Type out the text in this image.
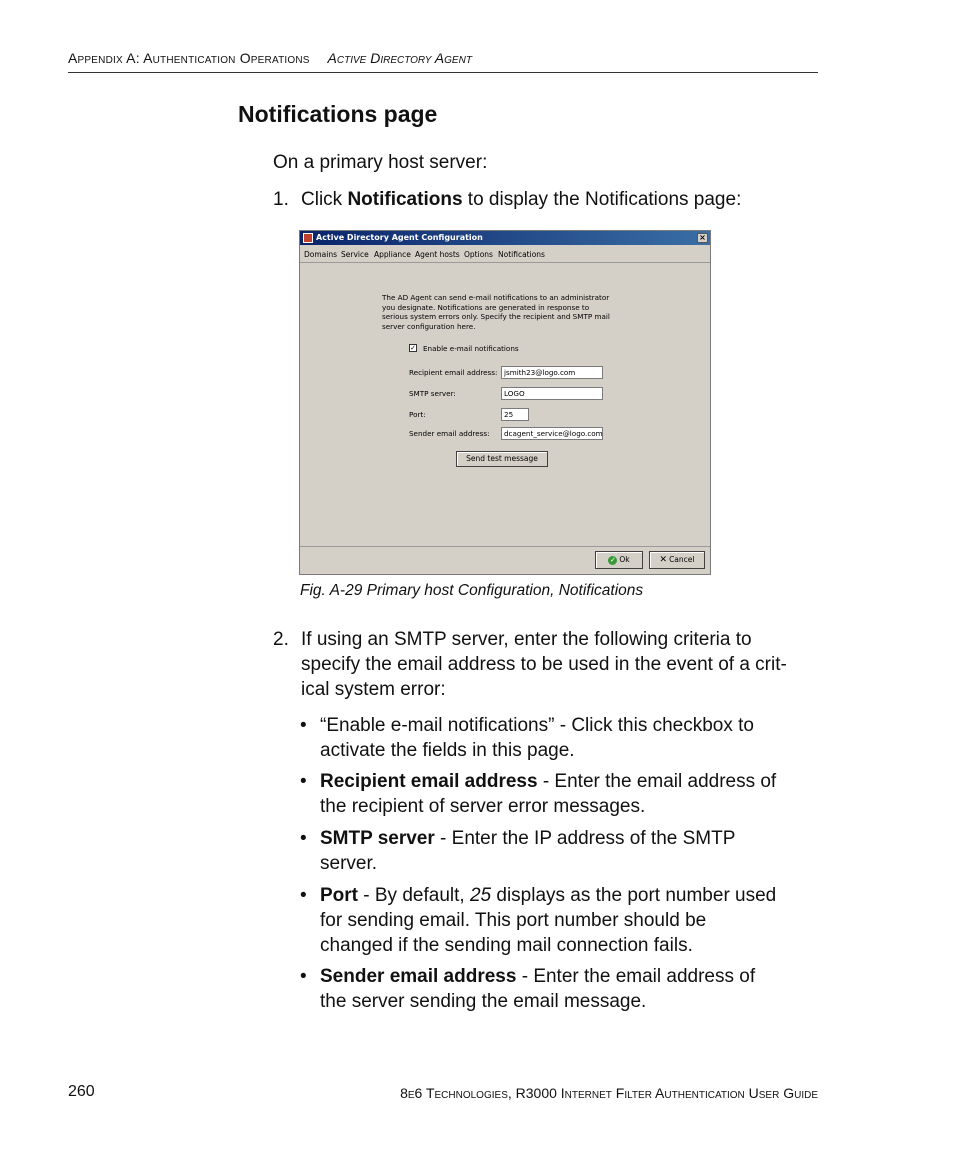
Appendix A: Authentication Operations Active Directory Agent
Notifications page
On a primary host server:
1. Click Notifications to display the Notifications page:
Active Directory Agent Configuration	×
Domains Service Appliance Agent hosts Options Notifications
The AD Agent can send e-mail notifications to an administrator you designate. Notifications are generated in response to serious system errors only. Specify the recipient and SMTP mail server configuration here.
✓ Enable e-mail notifications
Recipient email address: jsmith23@logo.com
SMTP server:	LOGO
Port:	25
Sender email address:	dcagent_service@logo.com
Send test message
✓ Ok	✕ Cancel
Fig. A-29 Primary host Configuration, Notifications
2. If using an SMTP server, enter the following criteria to
specify the email address to be used in the event of a crit-
ical system error:
• “Enable e-mail notifications” - Click this checkbox to
activate the fields in this page.
• Recipient email address - Enter the email address of
the recipient of server error messages.
• SMTP server - Enter the IP address of the SMTP
server.
• Port - By default, 25 displays as the port number used
for sending email. This port number should be
changed if the sending mail connection fails.
• Sender email address - Enter the email address of
the server sending the email message.
260	8e6 Technologies, R3000 Internet Filter Authentication User Guide
